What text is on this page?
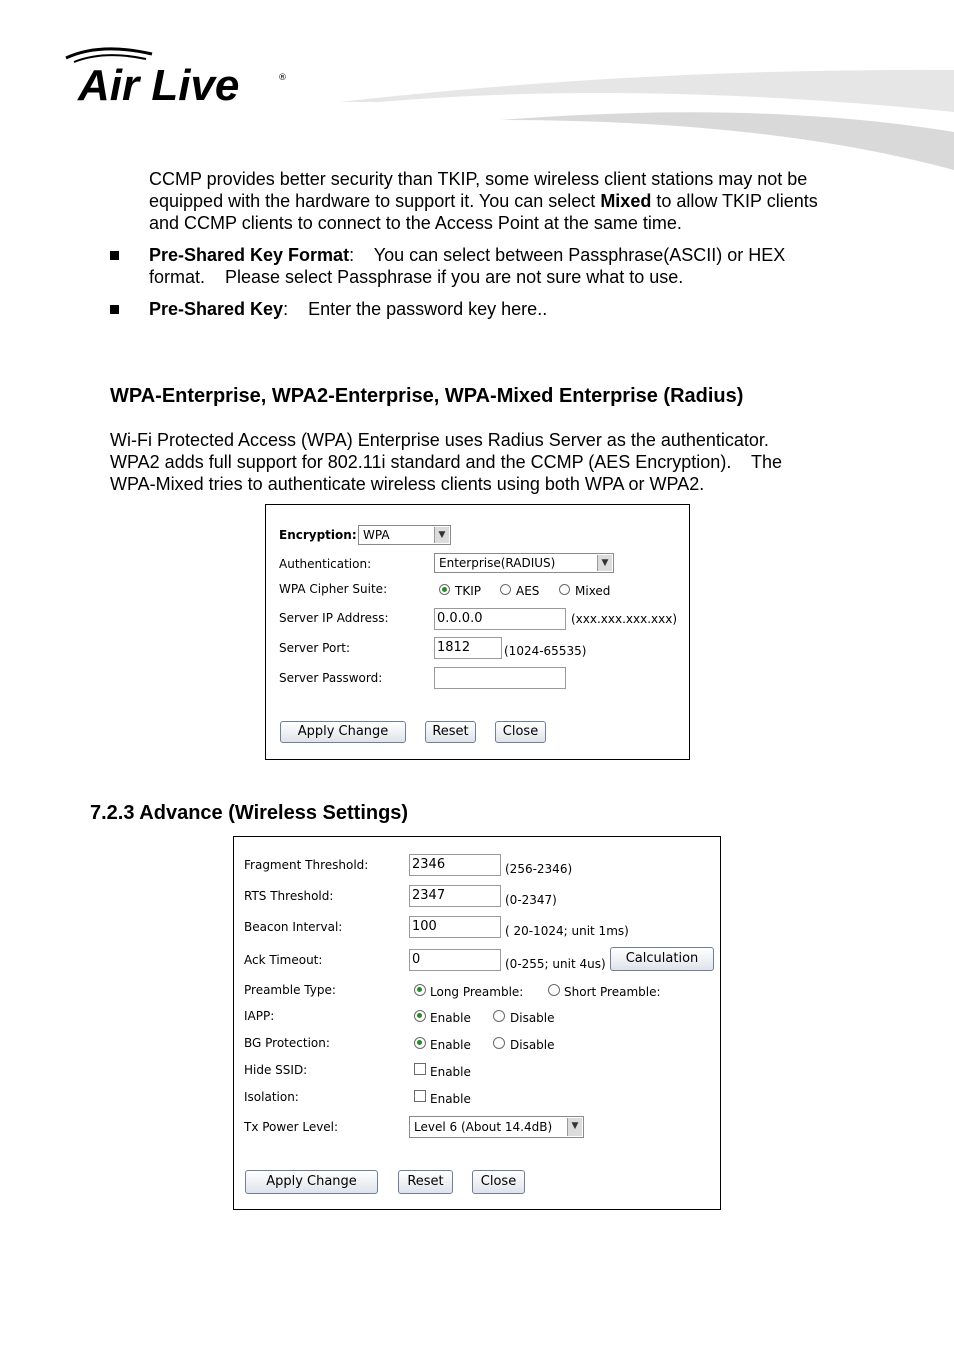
Air Live	®
CCMP provides better security than TKIP, some wireless client stations may not be
equipped with the hardware to support it. You can select Mixed to allow TKIP clients
and CCMP clients to connect to the Access Point at the same time.
Pre-Shared Key Format:    You can select between Passphrase(ASCII) or HEX
format.    Please select Passphrase if you are not sure what to use.
Pre-Shared Key:    Enter the password key here..
WPA-Enterprise, WPA2-Enterprise, WPA-Mixed Enterprise (Radius)
Wi-Fi Protected Access (WPA) Enterprise uses Radius Server as the authenticator.
WPA2 adds full support for 802.11i standard and the CCMP (AES Encryption).    The
WPA-Mixed tries to authenticate wireless clients using both WPA or WPA2.
Encryption: WPA	▼
Authentication:	Enterprise(RADIUS)	▼
WPA Cipher Suite:	TKIP	AES	Mixed
Server IP Address:	0.0.0.0	(xxx.xxx.xxx.xxx)
Server Port:	1812	(1024-65535)
Server Password:
Apply Change	Reset	Close
7.2.3 Advance (Wireless Settings)
Fragment Threshold:	2346	(256-2346)
RTS Threshold:	2347	(0-2347)
Beacon Interval:	100	( 20-1024; unit 1ms)
Ack Timeout:	0	(0-255; unit 4us)	Calculation
Preamble Type:	Long Preamble:	Short Preamble:
IAPP:	Enable	Disable
BG Protection:	Enable	Disable
Hide SSID:	Enable
Isolation:	Enable
Tx Power Level:	Level 6 (About 14.4dB)	▼
Apply Change	Reset	Close
